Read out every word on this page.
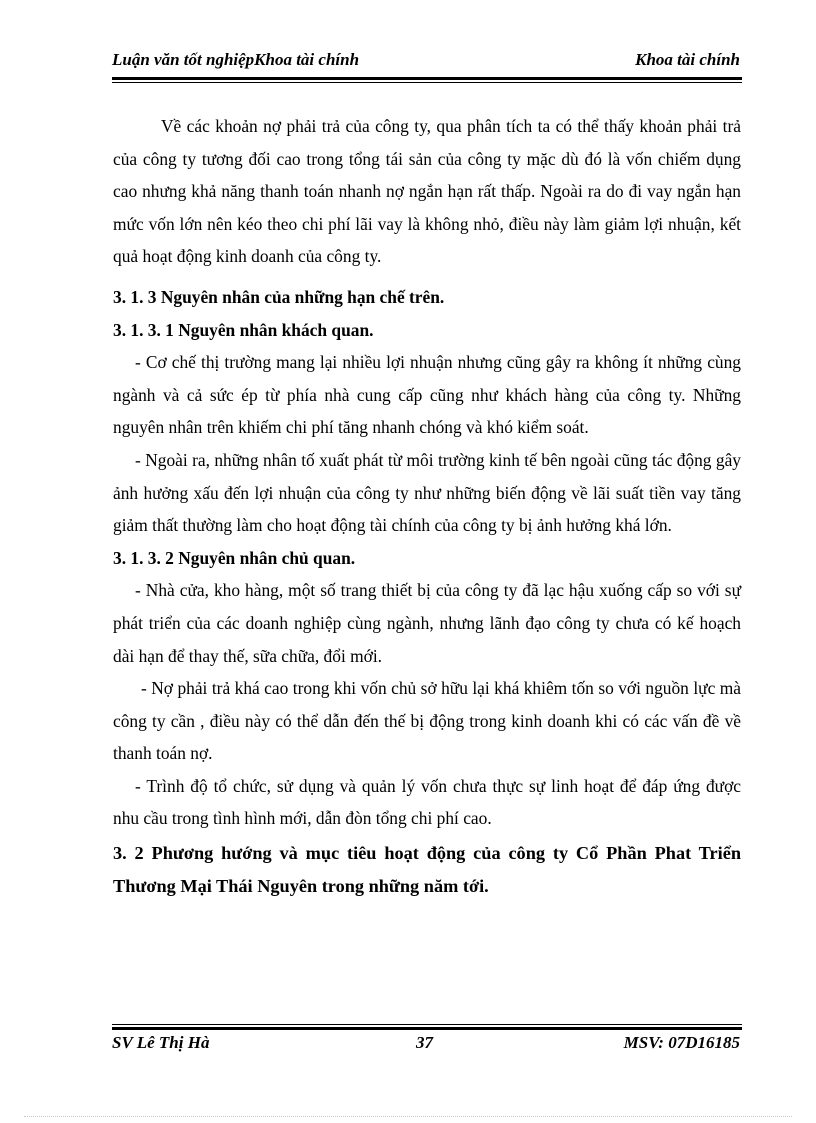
Luận văn tốt nghiệpKhoa tài chính	Khoa tài chính

Về các khoản nợ phải trả của công ty, qua phân tích ta có thể thấy khoản phải trả của công ty tương đối cao trong tổng tái sản của công ty mặc dù đó là vốn chiếm dụng cao nhưng khả năng thanh toán nhanh nợ ngắn hạn rất thấp. Ngoài ra do đi vay ngắn hạn mức vốn lớn nên kéo theo chi phí lãi vay là không nhỏ, điều này làm giảm lợi nhuận, kết quả hoạt động kinh doanh của công ty.

3. 1. 3 Nguyên nhân của những hạn chế trên.

3. 1. 3. 1 Nguyên nhân khách quan.

- Cơ chế thị trường mang lại nhiều lợi nhuận nhưng cũng gây ra không ít những cùng ngành và cả sức ép từ phía nhà cung cấp cũng như khách hàng của công ty. Những nguyên nhân trên khiếm chi phí tăng nhanh chóng và khó kiểm soát.

- Ngoài ra, những nhân tố xuất phát từ môi trường kinh tế bên ngoài cũng tác động gây ảnh hưởng xấu đến lợi nhuận của công ty như những biến động về lãi suất tiền vay tăng giảm thất thường làm cho hoạt động tài chính của công ty bị ảnh hưởng khá lớn.

3. 1. 3. 2 Nguyên nhân chủ quan.

- Nhà cửa, kho hàng, một số trang thiết bị của công ty đã lạc hậu xuống cấp so với sự phát triển của các doanh nghiệp cùng ngành, nhưng lãnh đạo công ty chưa có kế hoạch dài hạn để thay thế, sữa chữa, đổi mới.

- Nợ phải trả khá cao trong khi vốn chủ sở hữu lại khá khiêm tốn so với nguồn lực mà công ty cần , điều này có thể dẫn đến thế bị động trong kinh doanh khi có các vấn đề về thanh toán nợ.

- Trình độ tổ chức, sử dụng và quản lý vốn chưa thực sự linh hoạt để đáp ứng được nhu cầu trong tình hình mới, dẫn đòn tổng chi phí cao.

3. 2 Phương hướng và mục tiêu hoạt động của công ty Cổ Phần Phat Triển Thương Mại Thái Nguyên trong những năm tới.

SV Lê Thị Hà	37	MSV: 07D16185
